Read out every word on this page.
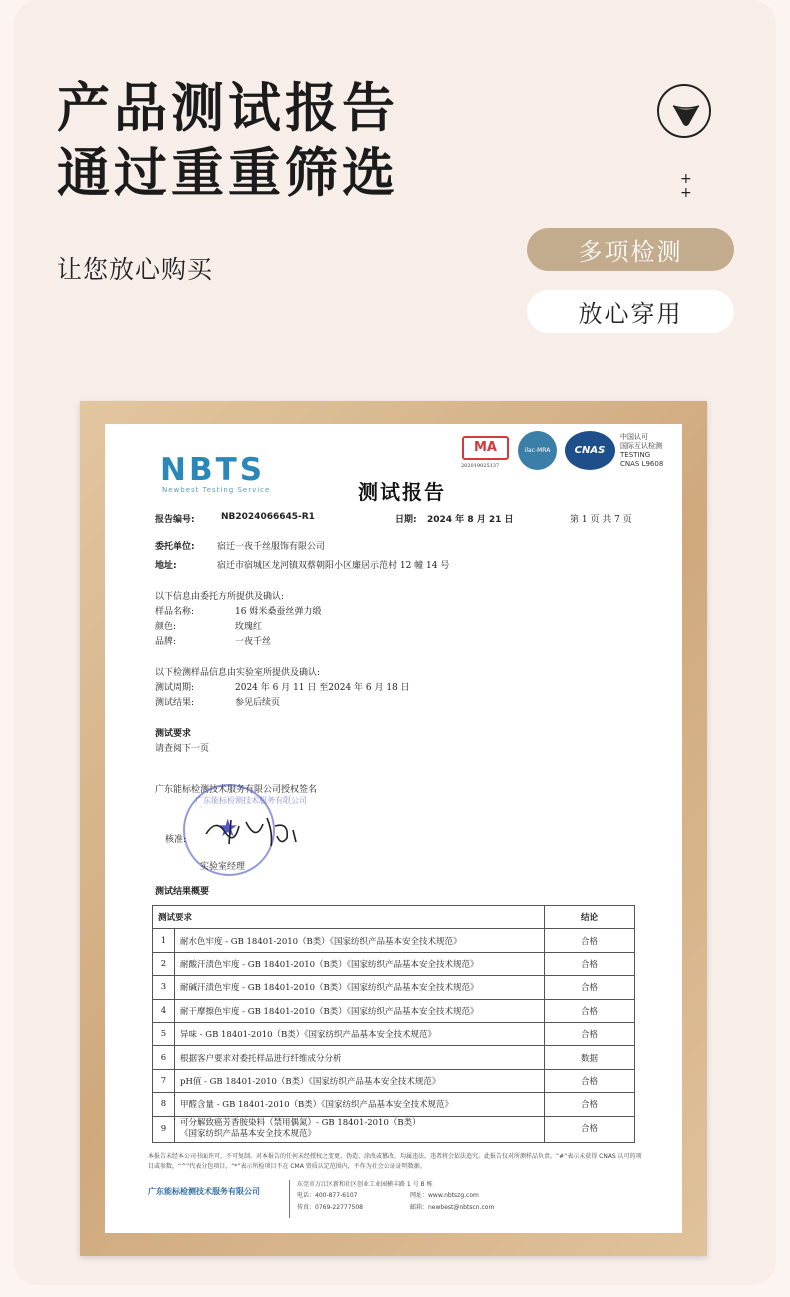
产品测试报告
通过重重筛选
让您放心购买
+
+
多项检测
放心穿用
NBTS
Newbest Testing Service
MA
202019025137
ilac-MRA	CNAS
中国认可
国际互认检测
TESTING
CNAS L9608
测试报告
报告编号:	NB2024066645-R1	日期: 2024 年 8 月 21 日	第 1 页 共 7 页
委托单位: 宿迁一夜千丝服饰有限公司
地址:	宿迁市宿城区龙河镇双蔡朝阳小区廉居示范村 12 幢 14 号
以下信息由委托方所提供及确认:
样品名称:	16 姆米桑蚕丝弹力缎
颜色:	玫瑰红
品牌:	一夜千丝
以下检测样品信息由实验室所提供及确认:
测试周期:	2024 年 6 月 11 日 至2024 年 6 月 18 日
测试结果:	参见后续页
测试要求
请查阅下一页
广东能标检测技术服务有限公司授权签名
广东能标检测技术服务有限公司
★
核准:
实验室经理
测试结果概要
测试要求		结论
1	耐水色牢度 - GB 18401-2010（B类）《国家纺织产品基本安全技术规范》	合格
2	耐酸汗渍色牢度 - GB 18401-2010（B类）《国家纺织产品基本安全技术规范》	合格
3	耐碱汗渍色牢度 - GB 18401-2010（B类）《国家纺织产品基本安全技术规范》	合格
4	耐干摩擦色牢度 - GB 18401-2010（B类）《国家纺织产品基本安全技术规范》	合格
5	异味 - GB 18401-2010（B类）《国家纺织产品基本安全技术规范》	合格
6	根据客户要求对委托样品进行纤维成分分析	数据
7	pH值 - GB 18401-2010（B类）《国家纺织产品基本安全技术规范》	合格
8	甲醛含量 - GB 18401-2010（B类）《国家纺织产品基本安全技术规范》	合格
9	可分解致癌芳香胺染料（禁用偶氮）- GB 18401-2010（B类）
《国家纺织产品基本安全技术规范》	合格
本报告未经本公司书面许可，不可复制。对本报告的任何未经授权之变更、伪造、涂改或篡改，均属违法，违者将会依法追究。此报告仅对所测样品负责。“#”表示未获得 CNAS 认可的项目或参数，“^”代表分包项目，“*”表示所检项目不在 CMA 资质认定范围内，不作为社会公证证明数据。
广东能标检测技术服务有限公司
东莞市万江区新和社区创业工业园横丰路 1 号 B 栋
电话：400-877-6107	网址：www.nbtszg.com
传真：0769-22777508	邮箱：newbest@nbtscn.com
